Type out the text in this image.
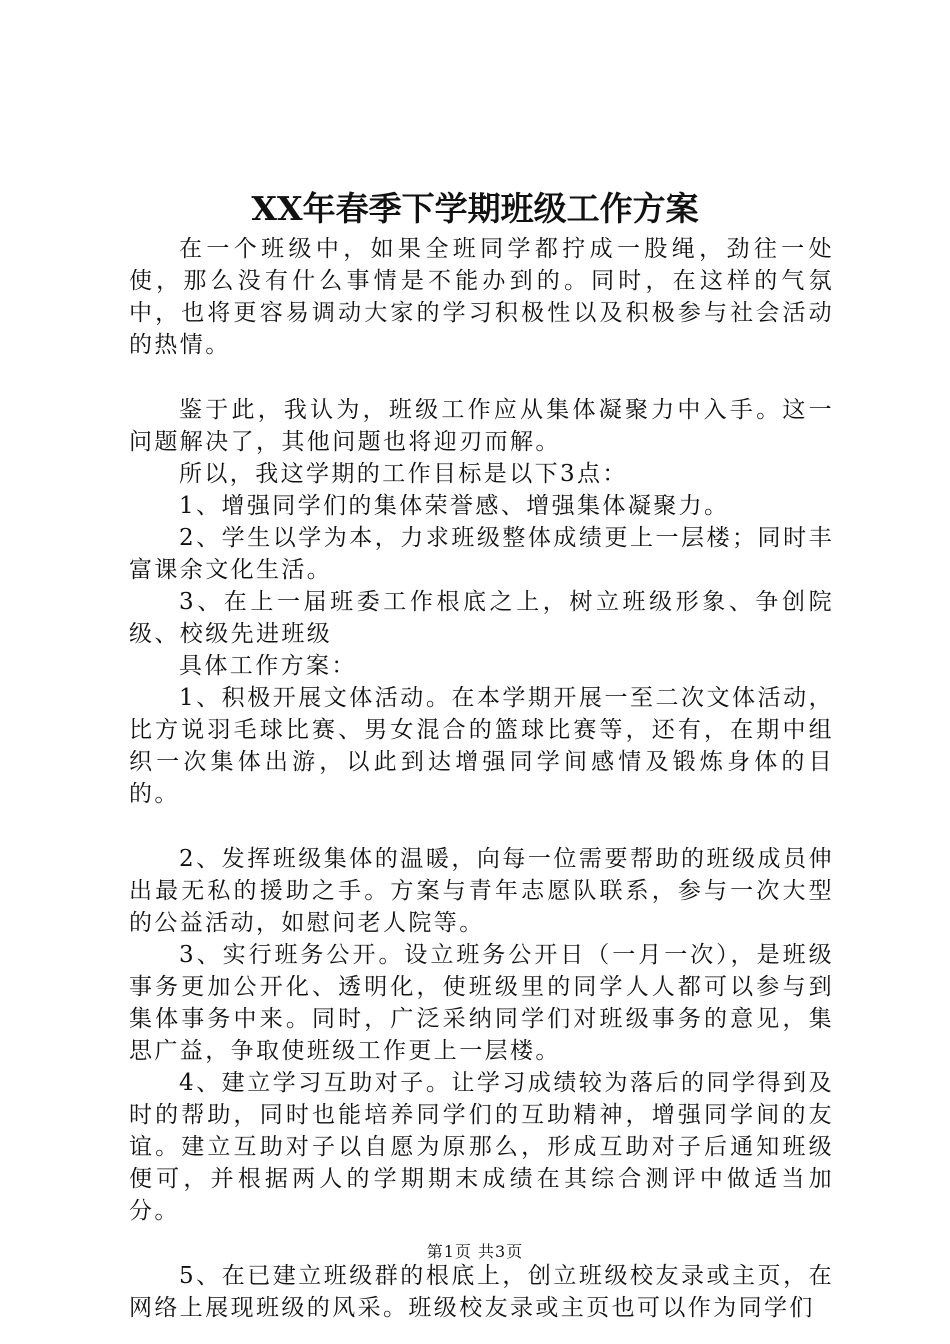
XX年春季下学期班级工作方案

在一个班级中，如果全班同学都拧成一股绳，劲往一处使，那么没有什么事情是不能办到的。同时，在这样的气氛中，也将更容易调动大家的学习积极性以及积极参与社会活动的热情。

鉴于此，我认为，班级工作应从集体凝聚力中入手。这一问题解决了，其他问题也将迎刃而解。

所以，我这学期的工作目标是以下3点：

1、增强同学们的集体荣誉感、增强集体凝聚力。

2、学生以学为本，力求班级整体成绩更上一层楼；同时丰富课余文化生活。

3、在上一届班委工作根底之上，树立班级形象、争创院级、校级先进班级

具体工作方案：

1、积极开展文体活动。在本学期开展一至二次文体活动，比方说羽毛球比赛、男女混合的篮球比赛等，还有，在期中组织一次集体出游，以此到达增强同学间感情及锻炼身体的目的。

2、发挥班级集体的温暖，向每一位需要帮助的班级成员伸出最无私的援助之手。方案与青年志愿队联系，参与一次大型的公益活动，如慰问老人院等。

3、实行班务公开。设立班务公开日（一月一次），是班级事务更加公开化、透明化，使班级里的同学人人都可以参与到集体事务中来。同时，广泛采纳同学们对班级事务的意见，集思广益，争取使班级工作更上一层楼。

4、建立学习互助对子。让学习成绩较为落后的同学得到及时的帮助，同时也能培养同学们的互助精神，增强同学间的友谊。建立互助对子以自愿为原那么，形成互助对子后通知班级便可，并根据两人的学期期末成绩在其综合测评中做适当加分。

5、在已建立班级群的根底上，创立班级校友录或主页，在网络上展现班级的风采。班级校友录或主页也可以作为同学们

第1页 共3页
